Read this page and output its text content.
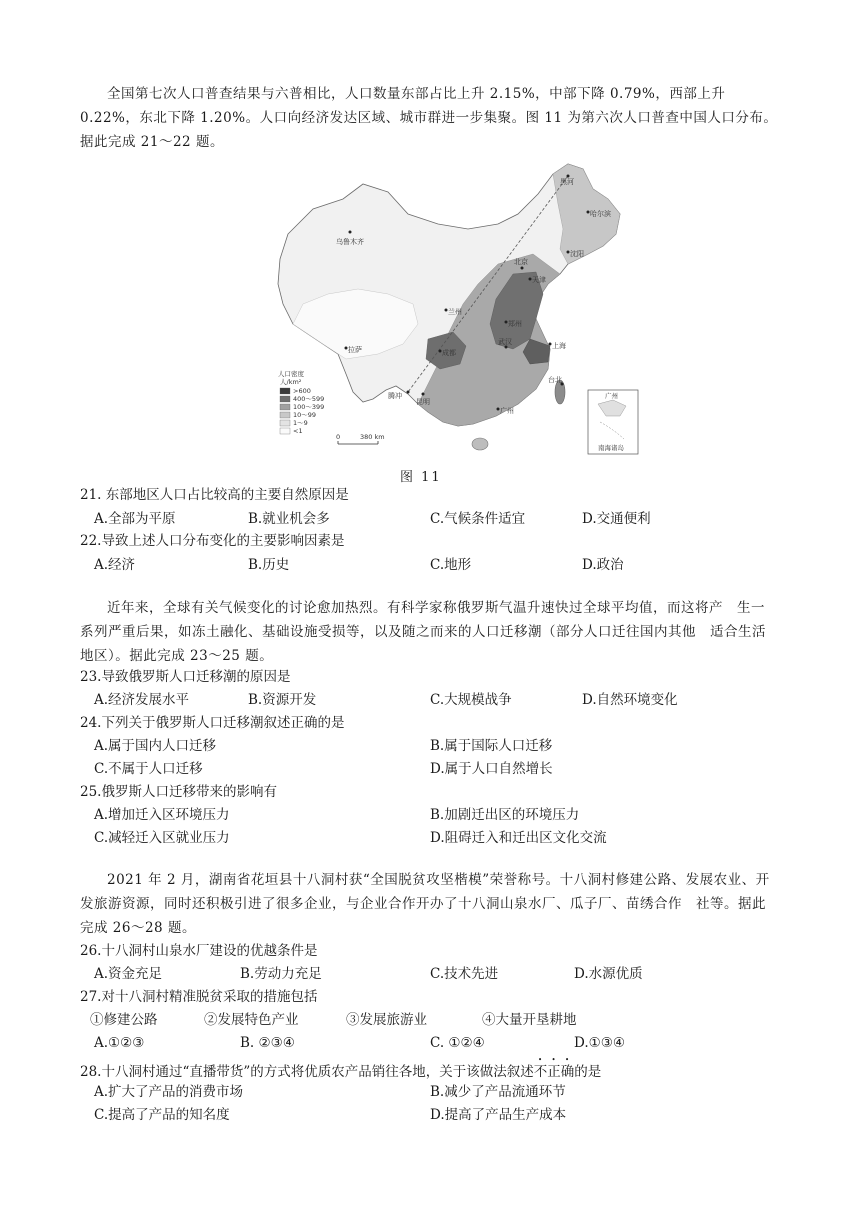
全国第七次人口普查结果与六普相比，人口数量东部占比上升 2.15%，中部下降 0.79%，西部上升 0.22%，东北下降 1.20%。人口向经济发达区域、城市群进一步集聚。图 11 为第六次人口普查中国人口分布。据此完成 21～22 题。

黑河
哈尔滨
乌鲁木齐
沈阳
北京
天津
兰州
郑州
拉萨	成都
武汉	上海
腾冲
昆明
台北
广州
人口密度
人/km²
>600
400～599
100～399
10～99
1～9
<1
0	380 km
广州
南海诸岛
图 11

21. 东部地区人口占比较高的主要自然原因是

A.全部为平原	B.就业机会多	C.气候条件适宜	D.交通便利

22.导致上述人口分布变化的主要影响因素是

A.经济	B.历史	C.地形	D.政治

近年来，全球有关气候变化的讨论愈加热烈。有科学家称俄罗斯气温升速快过全球平均值，而这将产　生一系列严重后果，如冻土融化、基础设施受损等，以及随之而来的人口迁移潮（部分人口迁往国内其他　适合生活地区）。据此完成 23～25 题。

23.导致俄罗斯人口迁移潮的原因是

A.经济发展水平	B.资源开发	C.大规模战争	D.自然环境变化

24.下列关于俄罗斯人口迁移潮叙述正确的是

A.属于国内人口迁移	B.属于国际人口迁移
C.不属于人口迁移	D.属于人口自然增长

25.俄罗斯人口迁移带来的影响有

A.增加迁入区环境压力	B.加剧迁出区的环境压力
C.减轻迁入区就业压力	D.阻碍迁入和迁出区文化交流

2021 年 2 月，湖南省花垣县十八洞村获“全国脱贫攻坚楷模”荣誉称号。十八洞村修建公路、发展农业、开发旅游资源，同时还积极引进了很多企业，与企业合作开办了十八洞山泉水厂、瓜子厂、苗绣合作　社等。据此完成 26～28 题。

26.十八洞村山泉水厂建设的优越条件是

A.资金充足	B.劳动力充足	C.技术先进	D.水源优质

27.对十八洞村精准脱贫采取的措施包括

①修建公路	②发展特色产业	③发展旅游业	④大量开垦耕地
A.①②③	B. ②③④	C. ①②④	D.①③④

28.十八洞村通过“直播带货”的方式将优质农产品销往各地，关于该做法叙述不正确的是

A.扩大了产品的消费市场	B.减少了产品流通环节
C.提高了产品的知名度	D.提高了产品生产成本
